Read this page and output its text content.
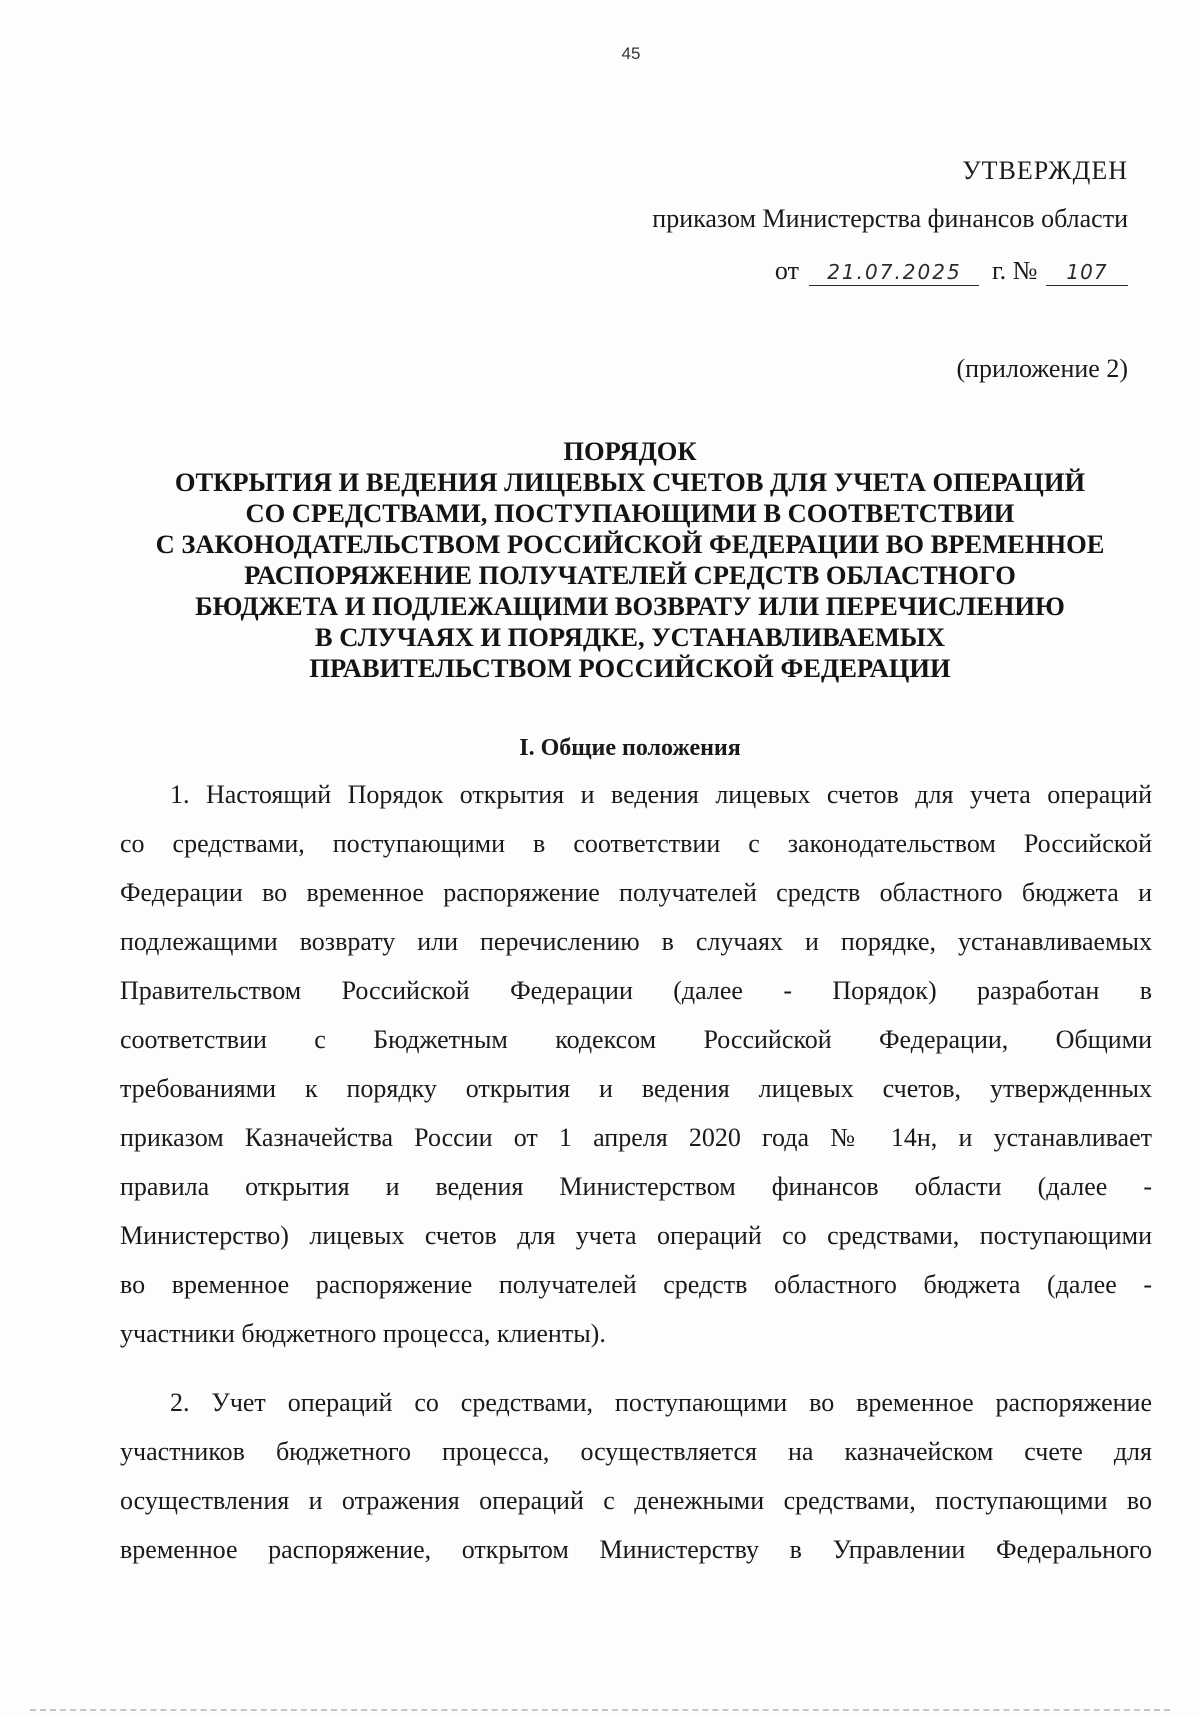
45
УТВЕРЖДЕН
приказом Министерства финансов области
от 21.07.2025 г. № 107
(приложение 2)
ПОРЯДОК
ОТКРЫТИЯ И ВЕДЕНИЯ ЛИЦЕВЫХ СЧЕТОВ ДЛЯ УЧЕТА ОПЕРАЦИЙ
СО СРЕДСТВАМИ, ПОСТУПАЮЩИМИ В СООТВЕТСТВИИ
С ЗАКОНОДАТЕЛЬСТВОМ РОССИЙСКОЙ ФЕДЕРАЦИИ ВО ВРЕМЕННОЕ
РАСПОРЯЖЕНИЕ ПОЛУЧАТЕЛЕЙ СРЕДСТВ ОБЛАСТНОГО
БЮДЖЕТА И ПОДЛЕЖАЩИМИ ВОЗВРАТУ ИЛИ ПЕРЕЧИСЛЕНИЮ
В СЛУЧАЯХ И ПОРЯДКЕ, УСТАНАВЛИВАЕМЫХ
ПРАВИТЕЛЬСТВОМ РОССИЙСКОЙ ФЕДЕРАЦИИ
I. Общие положения
1. Настоящий Порядок открытия и ведения лицевых счетов для учета операций
со средствами, поступающими в соответствии с законодательством Российской
Федерации во временное распоряжение получателей средств областного бюджета и
подлежащими возврату или перечислению в случаях и порядке, устанавливаемых
Правительством Российской Федерации (далее - Порядок) разработан в
соответствии с Бюджетным кодексом Российской Федерации, Общими
требованиями к порядку открытия и ведения лицевых счетов, утвержденных
приказом Казначейства России от 1 апреля 2020 года № 14н, и устанавливает
правила открытия и ведения Министерством финансов области (далее -
Министерство) лицевых счетов для учета операций со средствами, поступающими
во временное распоряжение получателей средств областного бюджета (далее -
участники бюджетного процесса, клиенты).
2. Учет операций со средствами, поступающими во временное распоряжение
участников бюджетного процесса, осуществляется на казначейском счете для
осуществления и отражения операций с денежными средствами, поступающими во
временное распоряжение, открытом Министерству в Управлении Федерального
